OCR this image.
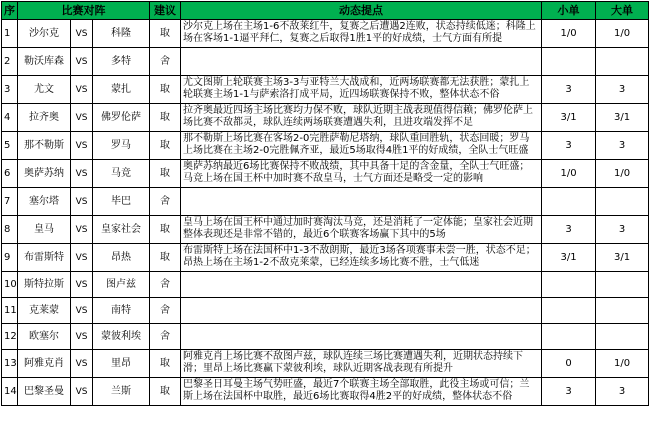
序	比赛对阵			建议	动态提点	小单	大单
1	沙尔克	VS	科隆	取	沙尔克上场在主场1-6不敌莱红牛，复赛之后遭遇2连败，状态持续低迷；科隆上场在客场1-1逼平拜仁，复赛之后取得1胜1平的好成绩，士气方面有所提	1/0	1/0
2	勒沃库森	VS	多特	舍			
3	尤文	VS	蒙扎	取	尤文图斯上轮联赛主场3-3与亚特兰大战成和，近两场联赛都无法获胜；蒙扎上轮联赛主场1-1与萨索洛打成平局，近四场联赛保持不败，整体状态不俗	3	3
4	拉齐奥	VS	佛罗伦萨	取	拉齐奥最近四场主场比赛均力保不败，球队近期主战表现值得信赖；佛罗伦萨上场比赛不敌都灵，球队连续两场联赛遭遇失利，且进攻端发挥不足	3/1	3/1
5	那不勒斯	VS	罗马	取	那不勒斯上场比赛在客场2-0完胜萨勒尼塔纳，球队重回胜轨，状态回暖；罗马上场比赛在主场2-0完胜佩齐亚，最近5场取得4胜1平的好成绩，全队士气旺盛	3	3
6	奥萨苏纳	VS	马竞	取	奥萨苏纳最近6场比赛保持不败战绩，其中具备十足的含金量，全队士气旺盛；马竞上场在国王杯中加时赛不敌皇马，士气方面还是略受一定的影响	1/0	1/0
7	塞尔塔	VS	毕巴	舍			
8	皇马	VS	皇家社会	取	皇马上场在国王杯中通过加时赛淘汰马竞，还是消耗了一定体能；皇家社会近期整体表现还是非常不错的，最近6个联赛客场赢下其中的5场	3	3
9	布雷斯特	VS	昂热	取	布雷斯特上场在法国杯中1-3不敌朗斯，最近3场各项赛事未尝一胜，状态不足；昂热上场在主场1-2不敌克莱蒙，已经连续多场比赛不胜，士气低迷	3/1	3/1
10	斯特拉斯	VS	图卢兹	舍			
11	克莱蒙	VS	南特	舍			
12	欧塞尔	VS	蒙彼利埃	舍			
13	阿雅克肖	VS	里昂	取	阿雅克肖上场比赛不敌图卢兹，球队连续三场比赛遭遇失利，近期状态持续下滑；里昂上场比赛赢下蒙彼利埃，球队近期客战表现有所提升	0	1/0
14	巴黎圣曼	VS	兰斯	取	巴黎圣日耳曼主场气势旺盛，最近7个联赛主场全部取胜，此役主场或可信；兰斯上场在法国杯中取胜，最近6场比赛取得4胜2平的好成绩，整体状态不俗	3	3
